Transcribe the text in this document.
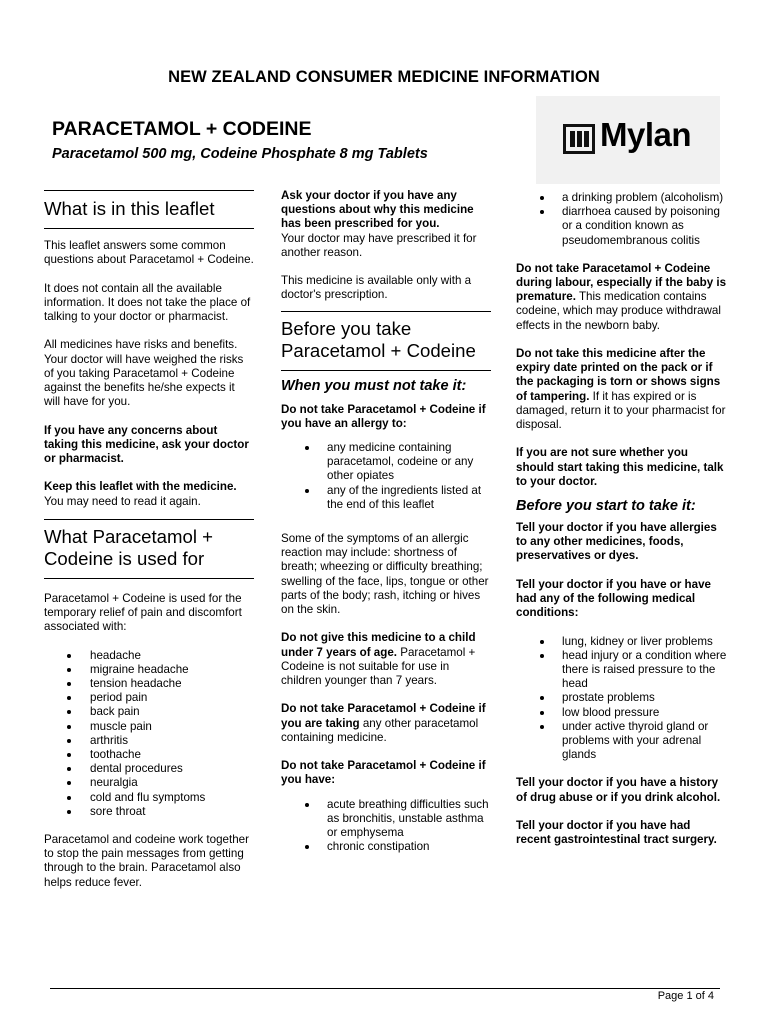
NEW ZEALAND CONSUMER MEDICINE INFORMATION
PARACETAMOL + CODEINE
Paracetamol 500 mg, Codeine Phosphate 8 mg Tablets
Mylan
What is in this leaflet

This leaflet answers some common questions about Paracetamol + Codeine.

It does not contain all the available information. It does not take the place of talking to your doctor or pharmacist.

All medicines have risks and benefits. Your doctor will have weighed the risks of you taking Paracetamol + Codeine against the benefits he/she expects it will have for you.

If you have any concerns about taking this medicine, ask your doctor or pharmacist.

Keep this leaflet with the medicine. You may need to read it again.

What Paracetamol + Codeine is used for

Paracetamol + Codeine is used for the temporary relief of pain and discomfort associated with:

headache
migraine headache
tension headache
period pain
back pain
muscle pain
arthritis
toothache
dental procedures
neuralgia
cold and flu symptoms
sore throat

Paracetamol and codeine work together to stop the pain messages from getting through to the brain. Paracetamol also helps reduce fever.

Ask your doctor if you have any questions about why this medicine has been prescribed for you.

Your doctor may have prescribed it for another reason.

This medicine is available only with a doctor's prescription.

Before you take Paracetamol + Codeine
When you must not take it:

Do not take Paracetamol + Codeine if you have an allergy to:

any medicine containing paracetamol, codeine or any other opiates
any of the ingredients listed at the end of this leaflet

Some of the symptoms of an allergic reaction may include: shortness of breath; wheezing or difficulty breathing; swelling of the face, lips, tongue or other parts of the body; rash, itching or hives on the skin.

Do not give this medicine to a child under 7 years of age. Paracetamol + Codeine is not suitable for use in children younger than 7 years.

Do not take Paracetamol + Codeine if you are taking any other paracetamol containing medicine.

Do not take Paracetamol + Codeine if you have:

acute breathing difficulties such as bronchitis, unstable asthma or emphysema
chronic constipation
a drinking problem (alcoholism)
diarrhoea caused by poisoning or a condition known as pseudomembranous colitis

Do not take Paracetamol + Codeine during labour, especially if the baby is premature. This medication contains codeine, which may produce withdrawal effects in the newborn baby.

Do not take this medicine after the expiry date printed on the pack or if the packaging is torn or shows signs of tampering. If it has expired or is damaged, return it to your pharmacist for disposal.

If you are not sure whether you should start taking this medicine, talk to your doctor.

Before you start to take it:

Tell your doctor if you have allergies to any other medicines, foods, preservatives or dyes.

Tell your doctor if you have or have had any of the following medical conditions:

lung, kidney or liver problems
head injury or a condition where there is raised pressure to the head
prostate problems
low blood pressure
under active thyroid gland or problems with your adrenal glands

Tell your doctor if you have a history of drug abuse or if you drink alcohol.

Tell your doctor if you have had recent gastrointestinal tract surgery.

Page 1 of 4
